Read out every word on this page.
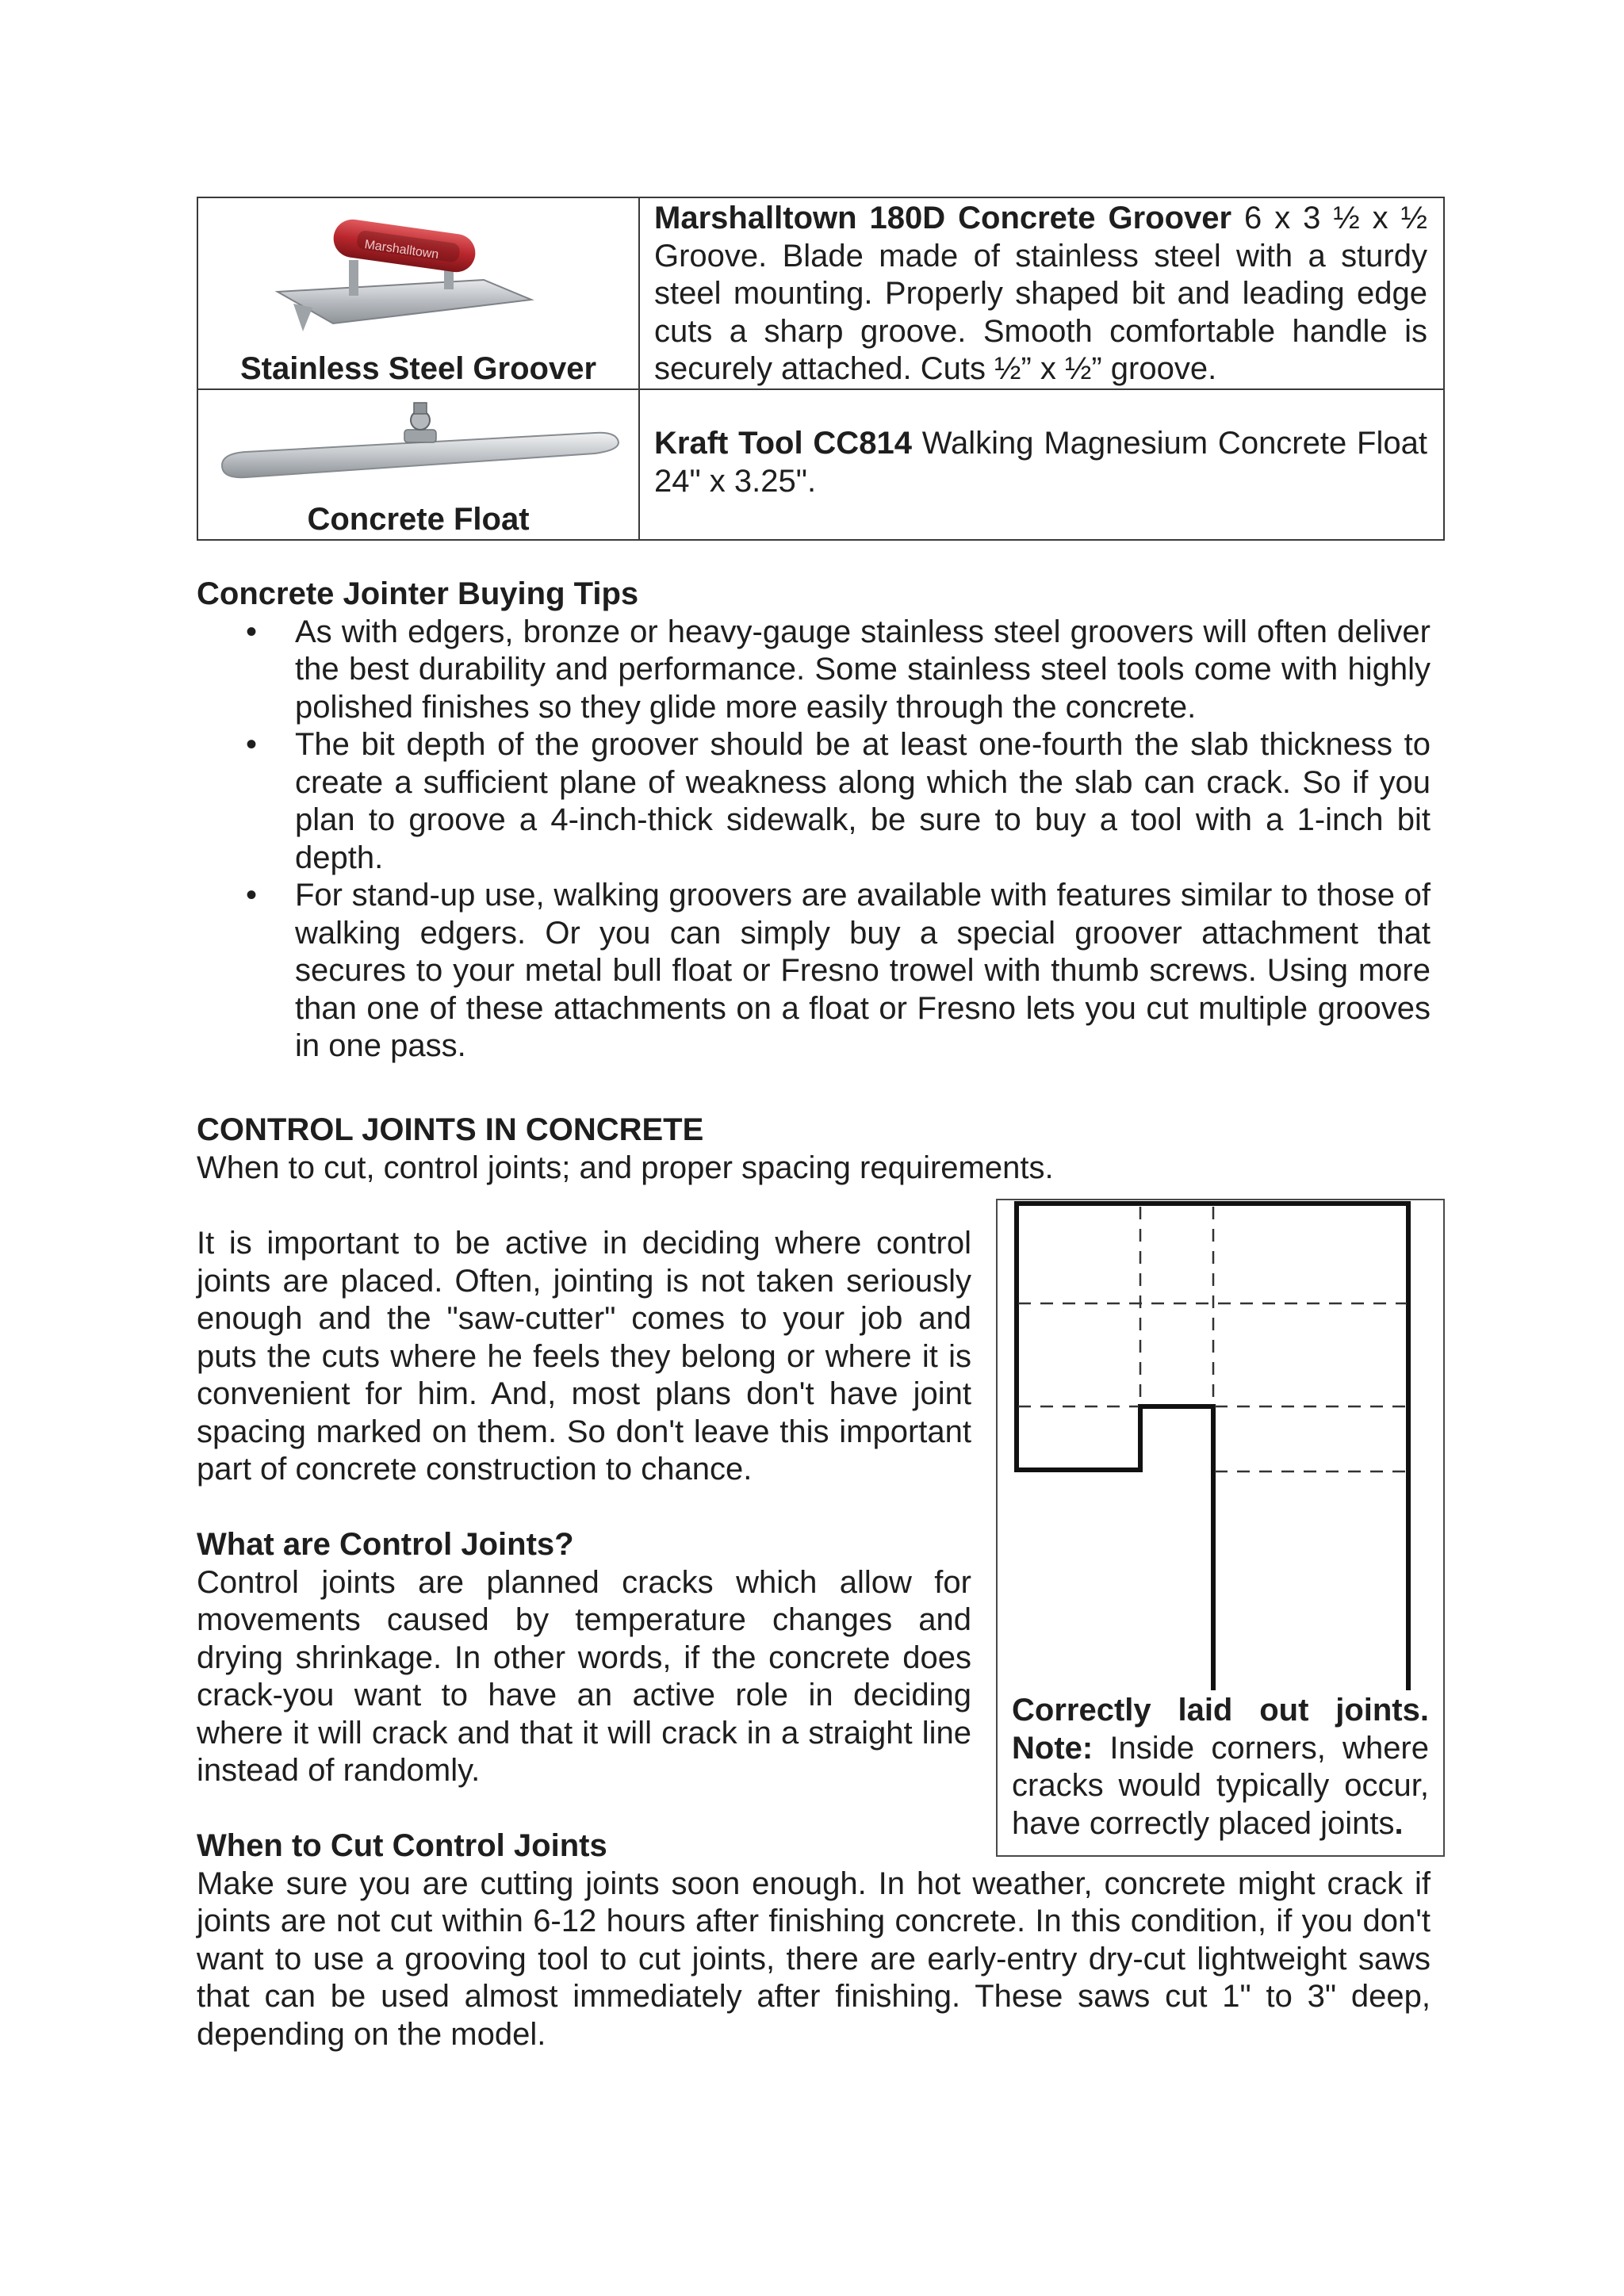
Marshalltown
Stainless Steel Groover	Marshalltown 180D Concrete Groover 6 x 3 ½ x ½ Groove. Blade made of stainless steel with a sturdy steel mounting. Properly shaped bit and leading edge cuts a sharp groove. Smooth comfortable handle is securely attached. Cuts ½” x ½” groove.

Concrete Float	Kraft Tool CC814 Walking Magnesium Concrete Float 24" x 3.25".
Concrete Jointer Buying Tips
• As with edgers, bronze or heavy-gauge stainless steel groovers will often deliver the best durability and performance. Some stainless steel tools come with highly polished finishes so they glide more easily through the concrete.
• The bit depth of the groover should be at least one-fourth the slab thickness to create a sufficient plane of weakness along which the slab can crack. So if you plan to groove a 4-inch-thick sidewalk, be sure to buy a tool with a 1-inch bit depth.
• For stand-up use, walking groovers are available with features similar to those of walking edgers. Or you can simply buy a special groover attachment that secures to your metal bull float or Fresno trowel with thumb screws. Using more than one of these attachments on a float or Fresno lets you cut multiple grooves in one pass.
CONTROL JOINTS IN CONCRETE
When to cut, control joints; and proper spacing requirements.
It is important to be active in deciding where control joints are placed. Often, jointing is not taken seriously enough and the "saw-cutter" comes to your job and puts the cuts where he feels they belong or where it is convenient for him. And, most plans don't have joint spacing marked on them. So don't leave this important part of concrete construction to chance.
What are Control Joints?
Control joints are planned cracks which allow for movements caused by temperature changes and drying shrinkage. In other words, if the concrete does crack-you want to have an active role in deciding where it will crack and that it will crack in a straight line instead of randomly.
When to Cut Control Joints
Make sure you are cutting joints soon enough. In hot weather, concrete might crack if joints are not cut within 6-12 hours after finishing concrete. In this condition, if you don't want to use a grooving tool to cut joints, there are early-entry dry-cut lightweight saws that can be used almost immediately after finishing. These saws cut 1" to 3" deep, depending on the model.
Correctly laid out joints. Note: Inside corners, where cracks would typically occur, have correctly placed joints.
